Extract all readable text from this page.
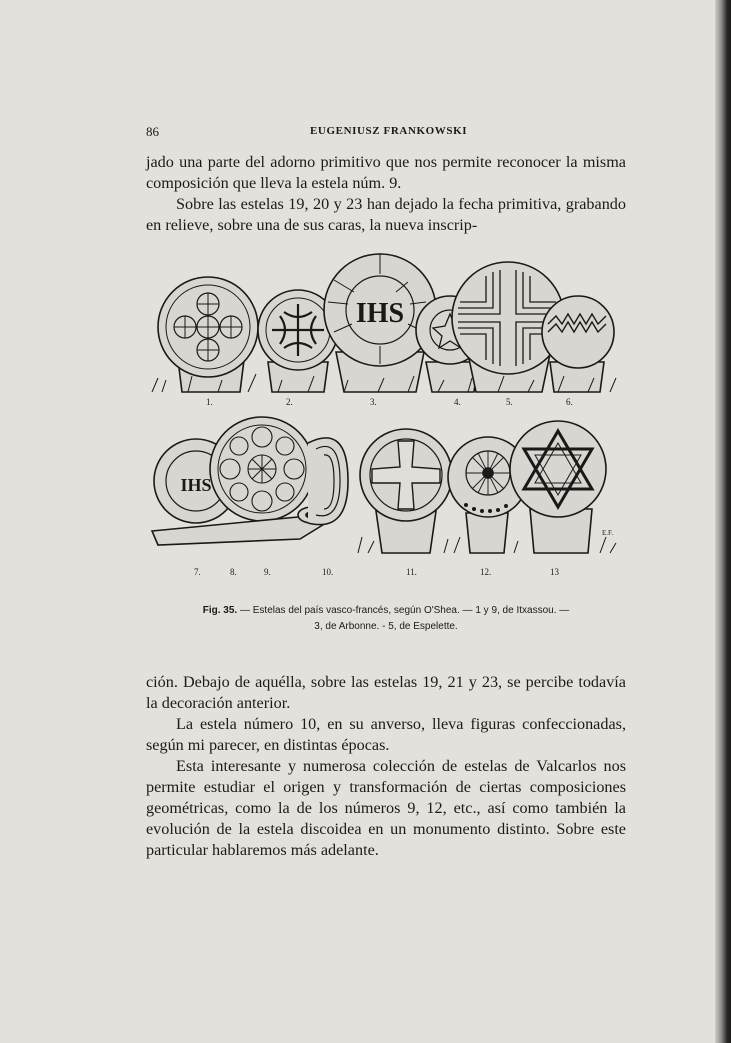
86	EUGENIUSZ FRANKOWSKI

jado una parte del adorno primitivo que nos permite reconocer la misma composición que lleva la estela núm. 9.

Sobre las estelas 19, 20 y 23 han dejado la fecha primitiva, grabando en relieve, sobre una de sus caras, la nueva inscrip-

IHS
1.	2.	3.	4.	5.	6.
IHS
E.F.
7.	8.	9.	10.	11.	12.	13
Fig. 35. — Estelas del país vasco-francés, según O'Shea. — 1 y 9, de Itxassou. —
3, de Arbonne. - 5, de Espelette.

ción. Debajo de aquélla, sobre las estelas 19, 21 y 23, se percibe todavía la decoración anterior.

La estela número 10, en su anverso, lleva figuras confeccionadas, según mi parecer, en distintas épocas.

Esta interesante y numerosa colección de estelas de Valcarlos nos permite estudiar el origen y transformación de ciertas composiciones geométricas, como la de los números 9, 12, etc., así como también la evolución de la estela discoidea en un monumento distinto. Sobre este particular hablaremos más adelante.
